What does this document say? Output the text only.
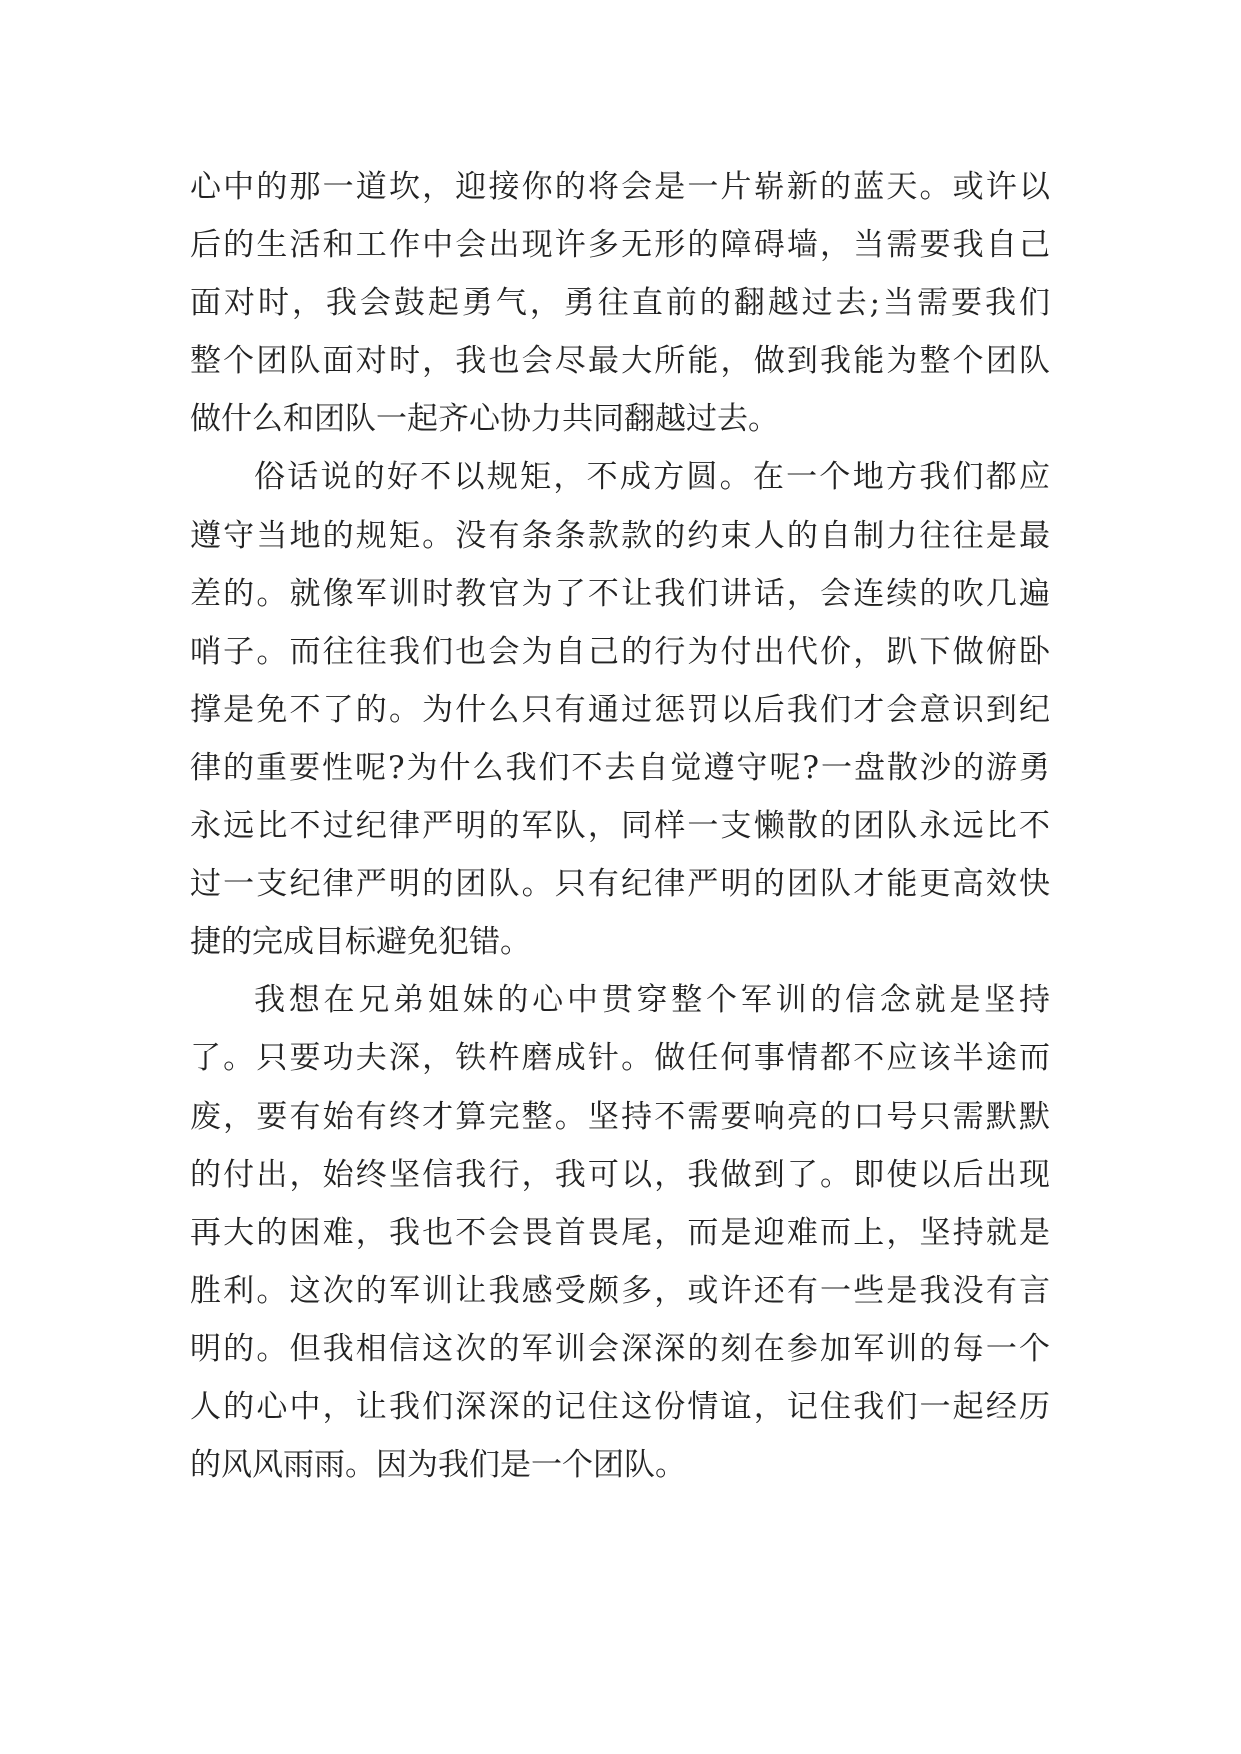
心中的那一道坎，迎接你的将会是一片崭新的蓝天。或许以
后的生活和工作中会出现许多无形的障碍墙，当需要我自己
面对时，我会鼓起勇气，勇往直前的翻越过去;当需要我们
整个团队面对时，我也会尽最大所能，做到我能为整个团队
做什么和团队一起齐心协力共同翻越过去。
俗话说的好不以规矩，不成方圆。在一个地方我们都应
遵守当地的规矩。没有条条款款的约束人的自制力往往是最
差的。就像军训时教官为了不让我们讲话，会连续的吹几遍
哨子。而往往我们也会为自己的行为付出代价，趴下做俯卧
撑是免不了的。为什么只有通过惩罚以后我们才会意识到纪
律的重要性呢?为什么我们不去自觉遵守呢?一盘散沙的游勇
永远比不过纪律严明的军队，同样一支懒散的团队永远比不
过一支纪律严明的团队。只有纪律严明的团队才能更高效快
捷的完成目标避免犯错。
我想在兄弟姐妹的心中贯穿整个军训的信念就是坚持
了。只要功夫深，铁杵磨成针。做任何事情都不应该半途而
废，要有始有终才算完整。坚持不需要响亮的口号只需默默
的付出，始终坚信我行，我可以，我做到了。即使以后出现
再大的困难，我也不会畏首畏尾，而是迎难而上，坚持就是
胜利。这次的军训让我感受颇多，或许还有一些是我没有言
明的。但我相信这次的军训会深深的刻在参加军训的每一个
人的心中，让我们深深的记住这份情谊，记住我们一起经历
的风风雨雨。因为我们是一个团队。
